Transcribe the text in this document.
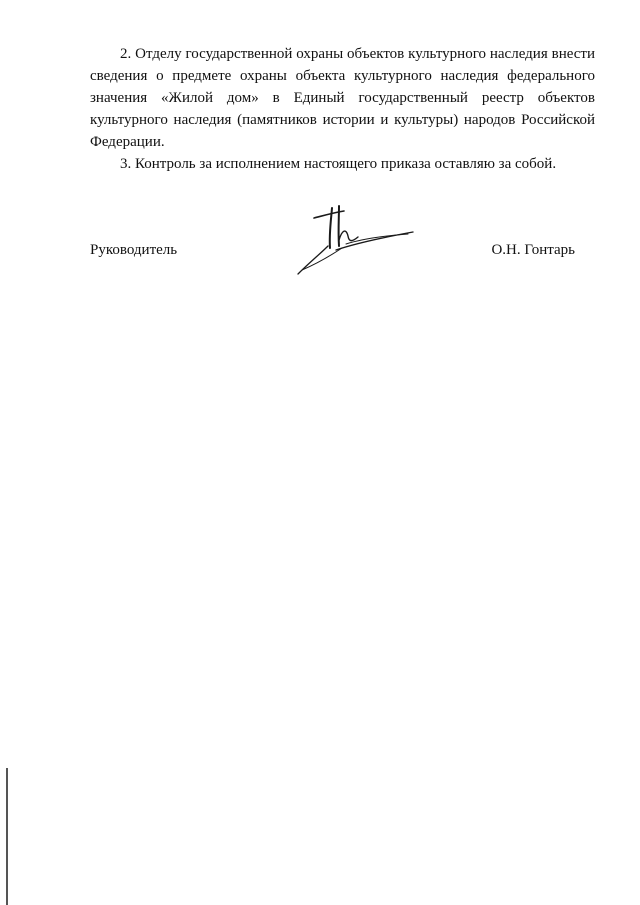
2. Отделу государственной охраны объектов культурного наследия внести сведения о предмете охраны объекта культурного наследия федерального значения «Жилой дом» в Единый государственный реестр объектов культурного наследия (памятников истории и культуры) народов Российской Федерации.

3. Контроль за исполнением настоящего приказа оставляю за собой.

Руководитель	О.Н. Гонтарь
